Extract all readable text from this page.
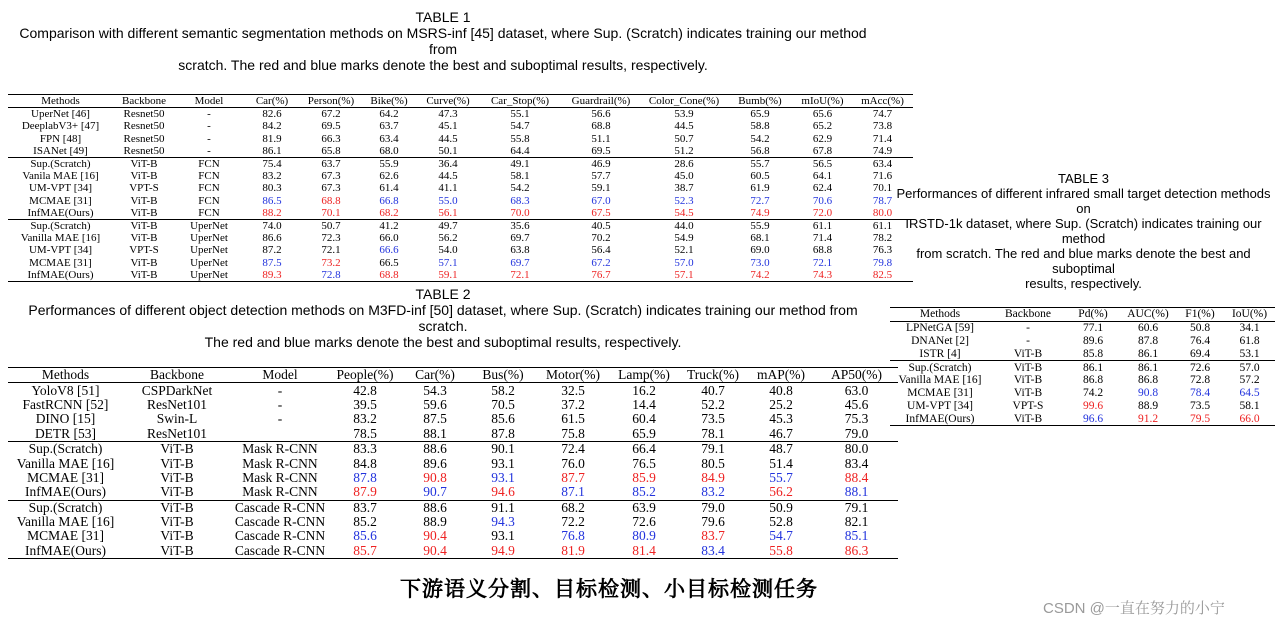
TABLE 1
Comparison with different semantic segmentation methods on MSRS-inf [45] dataset, where Sup. (Scratch) indicates training our method from
scratch. The red and blue marks denote the best and suboptimal results, respectively.
Methods	Backbone	Model	Car(%)	Person(%)	Bike(%)	Curve(%)	Car_Stop(%)	Guardrail(%)	Color_Cone(%)	Bumb(%)	mIoU(%)	mAcc(%)
UperNet [46]	Resnet50	-	82.6	67.2	64.2	47.3	55.1	56.6	53.9	65.9	65.6	74.7
DeeplabV3+ [47]	Resnet50	-	84.2	69.5	63.7	45.1	54.7	68.8	44.5	58.8	65.2	73.8
FPN [48]	Resnet50	-	81.9	66.3	63.4	44.5	55.8	51.1	50.7	54.2	62.9	71.4
ISANet [49]	Resnet50	-	86.1	65.8	68.0	50.1	64.4	69.5	51.2	56.8	67.8	74.9
Sup.(Scratch)	ViT-B	FCN	75.4	63.7	55.9	36.4	49.1	46.9	28.6	55.7	56.5	63.4
Vanila MAE [16]	ViT-B	FCN	83.2	67.3	62.6	44.5	58.1	57.7	45.0	60.5	64.1	71.6
UM-VPT [34]	VPT-S	FCN	80.3	67.3	61.4	41.1	54.2	59.1	38.7	61.9	62.4	70.1
MCMAE [31]	ViT-B	FCN	86.5	68.8	66.8	55.0	68.3	67.0	52.3	72.7	70.6	78.7
InfMAE(Ours)	ViT-B	FCN	88.2	70.1	68.2	56.1	70.0	67.5	54.5	74.9	72.0	80.0
Sup.(Scratch)	ViT-B	UperNet	74.0	50.7	41.2	49.7	35.6	40.5	44.0	55.9	61.1	61.1
Vanilla MAE [16]	ViT-B	UperNet	86.6	72.3	66.0	56.2	69.7	70.2	54.9	68.1	71.4	78.2
UM-VPT [34]	VPT-S	UperNet	87.2	72.1	66.6	54.0	63.8	56.4	52.1	69.0	68.8	76.3
MCMAE [31]	ViT-B	UperNet	87.5	73.2	66.5	57.1	69.7	67.2	57.0	73.0	72.1	79.8
InfMAE(Ours)	ViT-B	UperNet	89.3	72.8	68.8	59.1	72.1	76.7	57.1	74.2	74.3	82.5
TABLE 2
Performances of different object detection methods on M3FD-inf [50] dataset, where Sup. (Scratch) indicates training our method from scratch.
The red and blue marks denote the best and suboptimal results, respectively.
Methods	Backbone	Model	People(%)	Car(%)	Bus(%)	Motor(%)	Lamp(%)	Truck(%)	mAP(%)	AP50(%)
YoloV8 [51]	CSPDarkNet	-	42.8	54.3	58.2	32.5	16.2	40.7	40.8	63.0
FastRCNN [52]	ResNet101	-	39.5	59.6	70.5	37.2	14.4	52.2	25.2	45.6
DINO [15]	Swin-L	-	83.2	87.5	85.6	61.5	60.4	73.5	45.3	75.3
DETR [53]	ResNet101		78.5	88.1	87.8	75.8	65.9	78.1	46.7	79.0
Sup.(Scratch)	ViT-B	Mask R-CNN	83.3	88.6	90.1	72.4	66.4	79.1	48.7	80.0
Vanilla MAE [16]	ViT-B	Mask R-CNN	84.8	89.6	93.1	76.0	76.5	80.5	51.4	83.4
MCMAE [31]	ViT-B	Mask R-CNN	87.8	90.8	93.1	87.7	85.9	84.9	55.7	88.4
InfMAE(Ours)	ViT-B	Mask R-CNN	87.9	90.7	94.6	87.1	85.2	83.2	56.2	88.1
Sup.(Scratch)	ViT-B	Cascade R-CNN	83.7	88.6	91.1	68.2	63.9	79.0	50.9	79.1
Vanilla MAE [16]	ViT-B	Cascade R-CNN	85.2	88.9	94.3	72.2	72.6	79.6	52.8	82.1
MCMAE [31]	ViT-B	Cascade R-CNN	85.6	90.4	93.1	76.8	80.9	83.7	54.7	85.1
InfMAE(Ours)	ViT-B	Cascade R-CNN	85.7	90.4	94.9	81.9	81.4	83.4	55.8	86.3
TABLE 3
Performances of different infrared small target detection methods on
IRSTD-1k dataset, where Sup. (Scratch) indicates training our method
from scratch. The red and blue marks denote the best and suboptimal
results, respectively.
Methods	Backbone	Pd(%)	AUC(%)	F1(%)	IoU(%)
LPNetGA [59]	-	77.1	60.6	50.8	34.1
DNANet [2]	-	89.6	87.8	76.4	61.8
ISTR [4]	ViT-B	85.8	86.1	69.4	53.1
Sup.(Scratch)	ViT-B	86.1	86.1	72.6	57.0
Vanilla MAE [16]	ViT-B	86.8	86.8	72.8	57.2
MCMAE [31]	ViT-B	74.2	90.8	78.4	64.5
UM-VPT [34]	VPT-S	99.6	88.9	73.5	58.1
InfMAE(Ours)	ViT-B	96.6	91.2	79.5	66.0
下游语义分割、目标检测、小目标检测任务
CSDN @一直在努力的小宁
